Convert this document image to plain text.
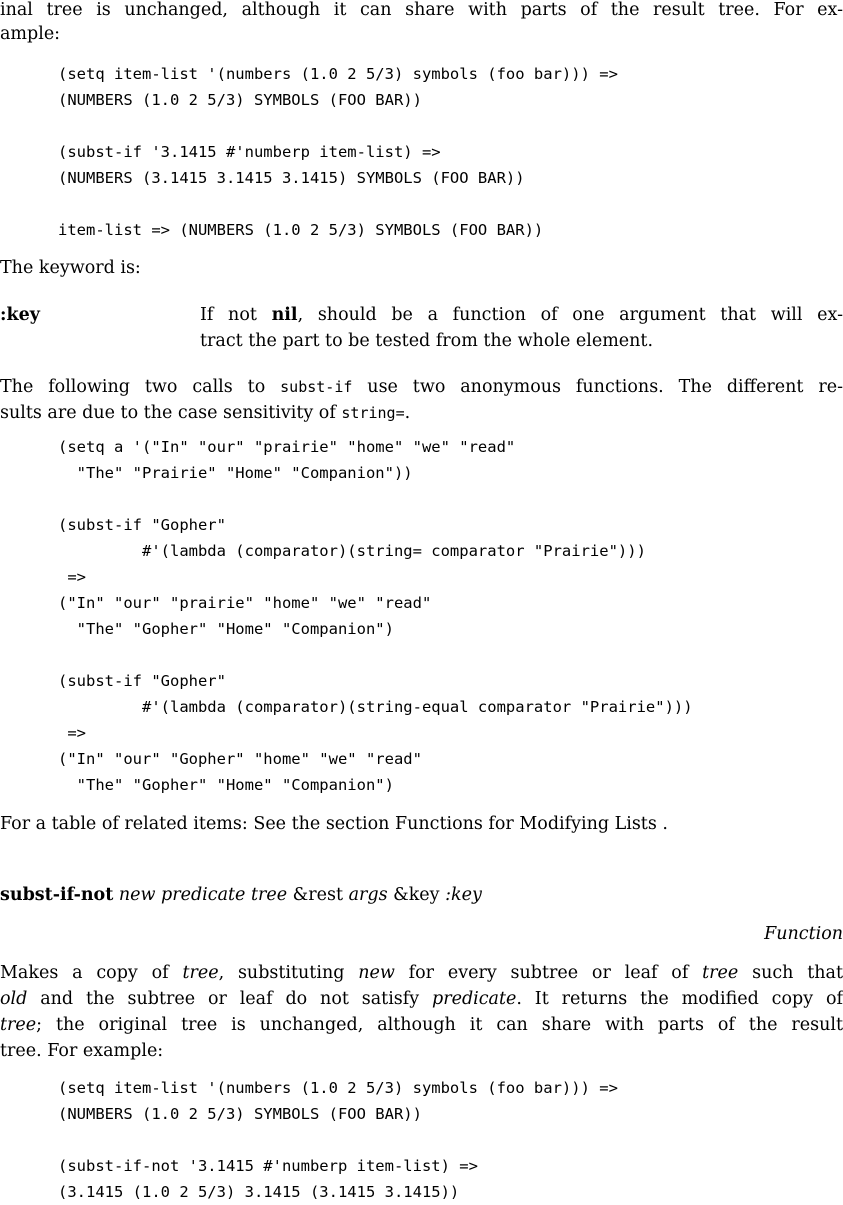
inal tree is unchanged, although it can share with parts of the result tree. For ex-
ample:
(setq item-list '(numbers (1.0 2 5/3) symbols (foo bar))) =>
(NUMBERS (1.0 2 5/3) SYMBOLS (FOO BAR))
(subst-if '3.1415 #'numberp item-list) =>
(NUMBERS (3.1415 3.1415 3.1415) SYMBOLS (FOO BAR))
item-list => (NUMBERS (1.0 2 5/3) SYMBOLS (FOO BAR))
The keyword is:
:key	If not nil, should be a function of one argument that will ex-
tract the part to be tested from the whole element.
The following two calls to subst-if use two anonymous functions. The different re-
sults are due to the case sensitivity of string=.
(setq a '("In" "our" "prairie" "home" "we" "read"
"The" "Prairie" "Home" "Companion"))
(subst-if "Gopher"
#'(lambda (comparator)(string= comparator "Prairie")))
=>
("In" "our" "prairie" "home" "we" "read"
"The" "Gopher" "Home" "Companion")
(subst-if "Gopher"
#'(lambda (comparator)(string-equal comparator "Prairie")))
=>
("In" "our" "Gopher" "home" "we" "read"
"The" "Gopher" "Home" "Companion")
For a table of related items: See the section Functions for Modifying Lists .
subst-if-not new predicate tree &rest args &key :key
Function
Makes a copy of tree, substituting new for every subtree or leaf of tree such that
old and the subtree or leaf do not satisfy predicate. It returns the modified copy of
tree; the original tree is unchanged, although it can share with parts of the result
tree. For example:
(setq item-list '(numbers (1.0 2 5/3) symbols (foo bar))) =>
(NUMBERS (1.0 2 5/3) SYMBOLS (FOO BAR))
(subst-if-not '3.1415 #'numberp item-list) =>
(3.1415 (1.0 2 5/3) 3.1415 (3.1415 3.1415))
